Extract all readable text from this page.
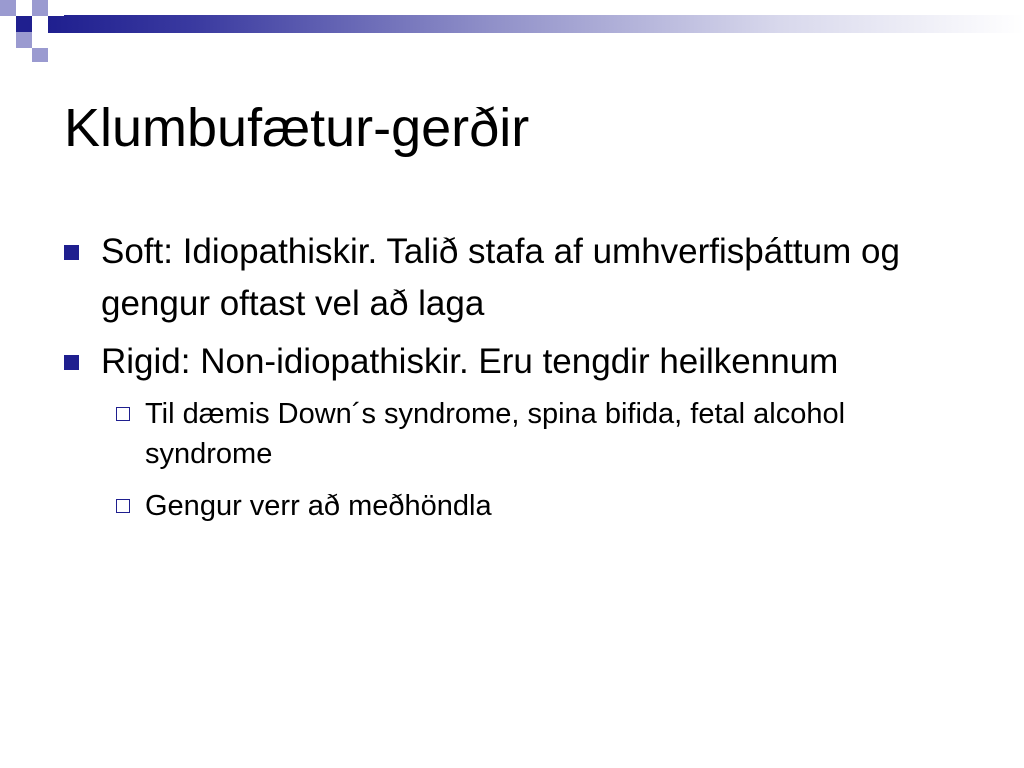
Klumbufætur-gerðir
Soft: Idiopathiskir. Talið stafa af umhverfisþáttum og gengur oftast vel að laga
Rigid: Non-idiopathiskir. Eru tengdir heilkennum
Til dæmis Down´s syndrome, spina bifida, fetal alcohol syndrome
Gengur verr að meðhöndla
